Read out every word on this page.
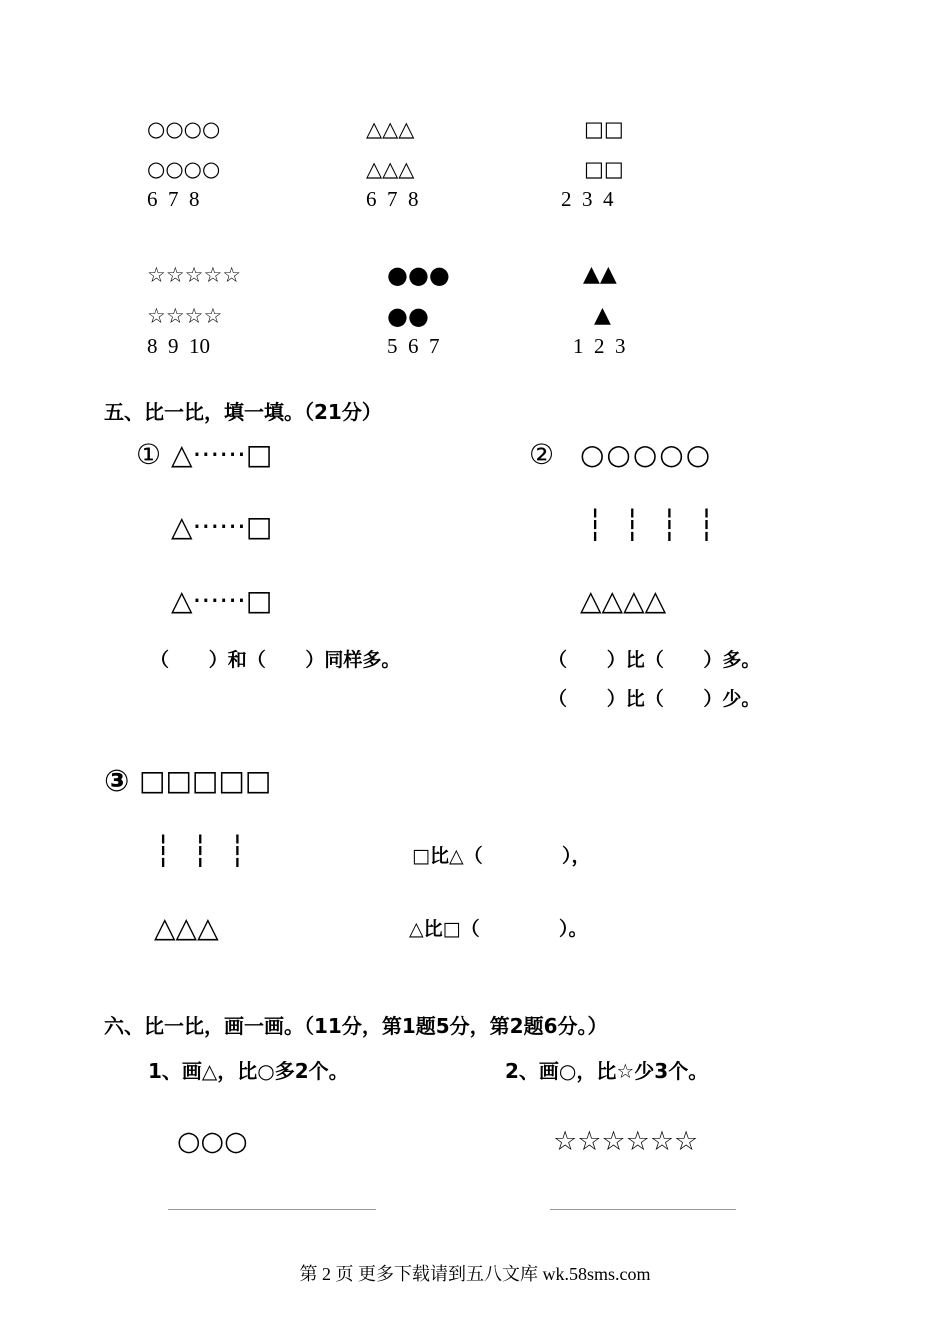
○○○○
○○○○
6  7  8
△△△
△△△
6  7  8
□□
□□
2  3  4
☆☆☆☆☆
☆☆☆☆
8  9  10
●●●
●●
5  6  7
▲▲
▲
1  2  3
五、比一比，填一填。（21分）
① △······□
△······□
△······□
（      ）和（      ）同样多。
② ○○○○○
┆  ┆  ┆  ┆
△△△△
（      ）比（      ）多。
（      ）比（      ）少。
③ □□□□□
┆  ┆  ┆
△△△
□比△（            ），
△比□（            ）。
六、比一比，画一画。（11分，第1题5分，第2题6分。）
1、画△，比○多2个。	2、画○，比☆少3个。
○○○	☆☆☆☆☆☆
第 2 页 更多下载请到五八文库 wk.58sms.com
